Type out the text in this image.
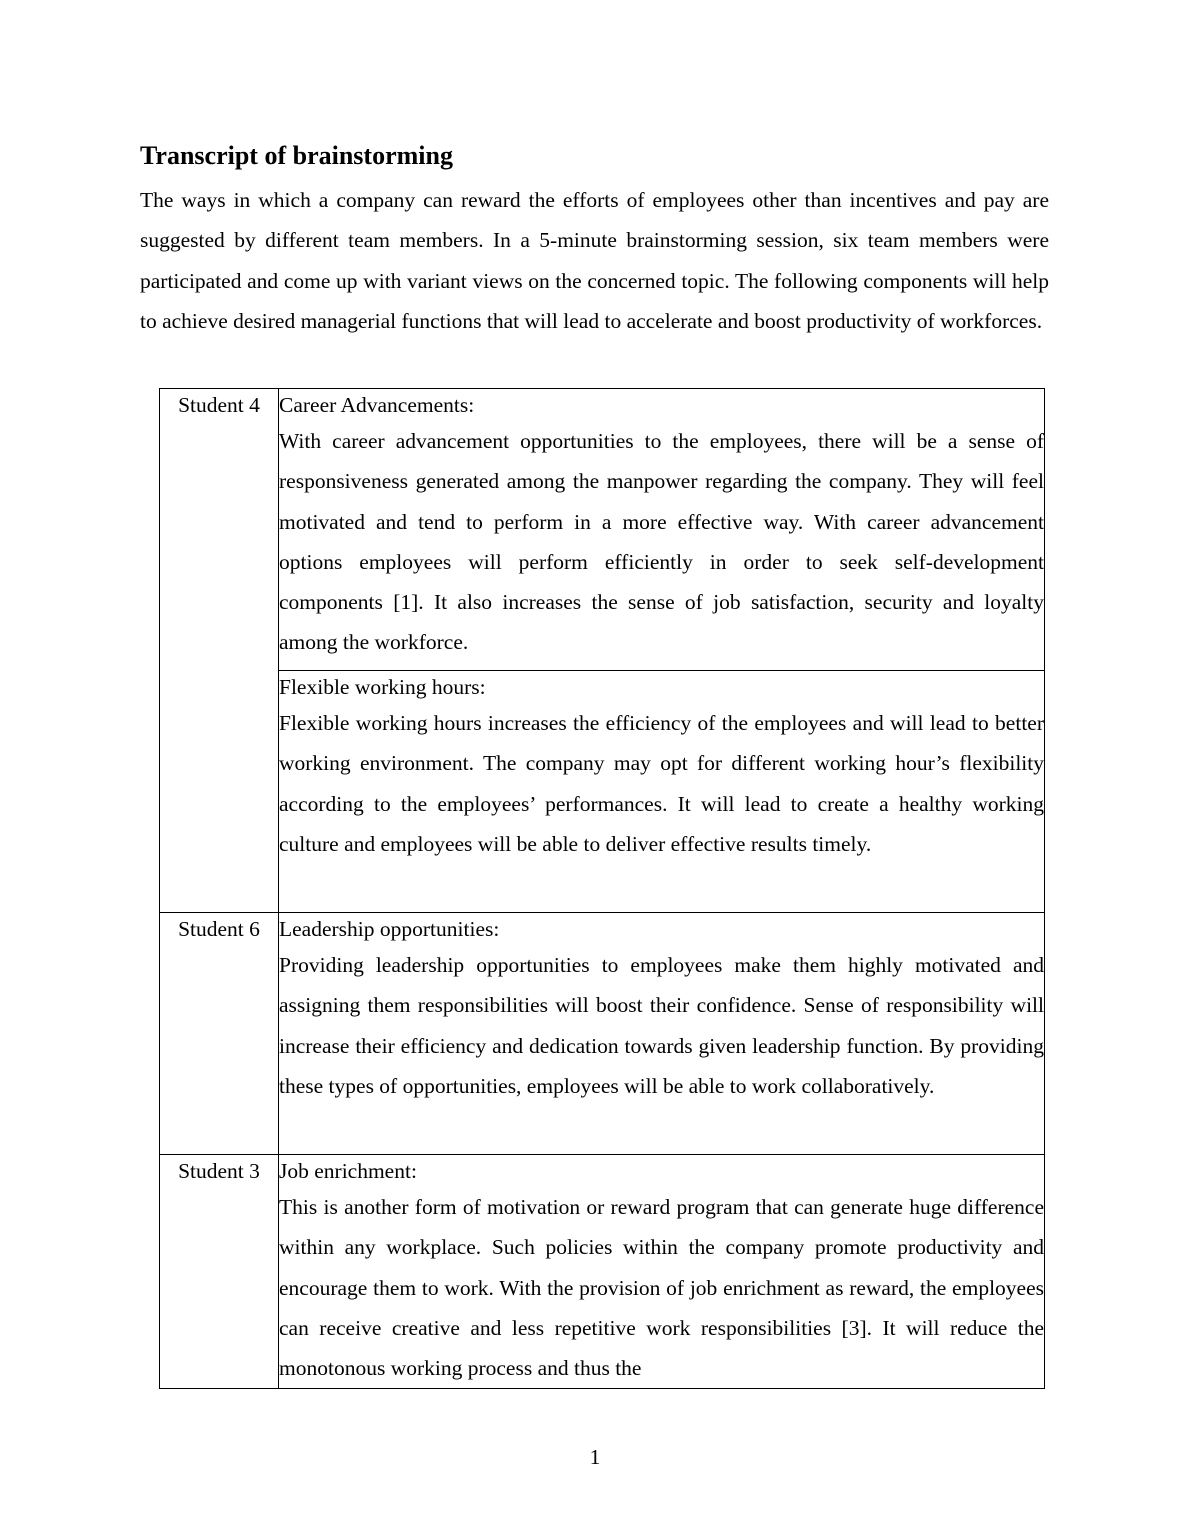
Transcript of brainstorming

The ways in which a company can reward the efforts of employees other than incentives and pay are suggested by different team members. In a 5-minute brainstorming session, six team members were participated and come up with variant views on the concerned topic. The following components will help to achieve desired managerial functions that will lead to accelerate and boost productivity of workforces.

Student 4	Career Advancements:

With career advancement opportunities to the employees, there will be a sense of responsiveness generated among the manpower regarding the company. They will feel motivated and tend to perform in a more effective way. With career advancement options employees will perform efficiently in order to seek self-development components [1]. It also increases the sense of job satisfaction, security and loyalty among the workforce.

	Flexible working hours:

Flexible working hours increases the efficiency of the employees and will lead to better working environment. The company may opt for different working hour’s flexibility according to the employees’ performances. It will lead to create a healthy working culture and employees will be able to deliver effective results timely.

Student 6	Leadership opportunities:

Providing leadership opportunities to employees make them highly motivated and assigning them responsibilities will boost their confidence. Sense of responsibility will increase their efficiency and dedication towards given leadership function. By providing these types of opportunities, employees will be able to work collaboratively.

Student 3	Job enrichment:

This is another form of motivation or reward program that can generate huge difference within any workplace. Such policies within the company promote productivity and encourage them to work. With the provision of job enrichment as reward, the employees can receive creative and less repetitive work responsibilities [3]. It will reduce the monotonous working process and thus the

1
